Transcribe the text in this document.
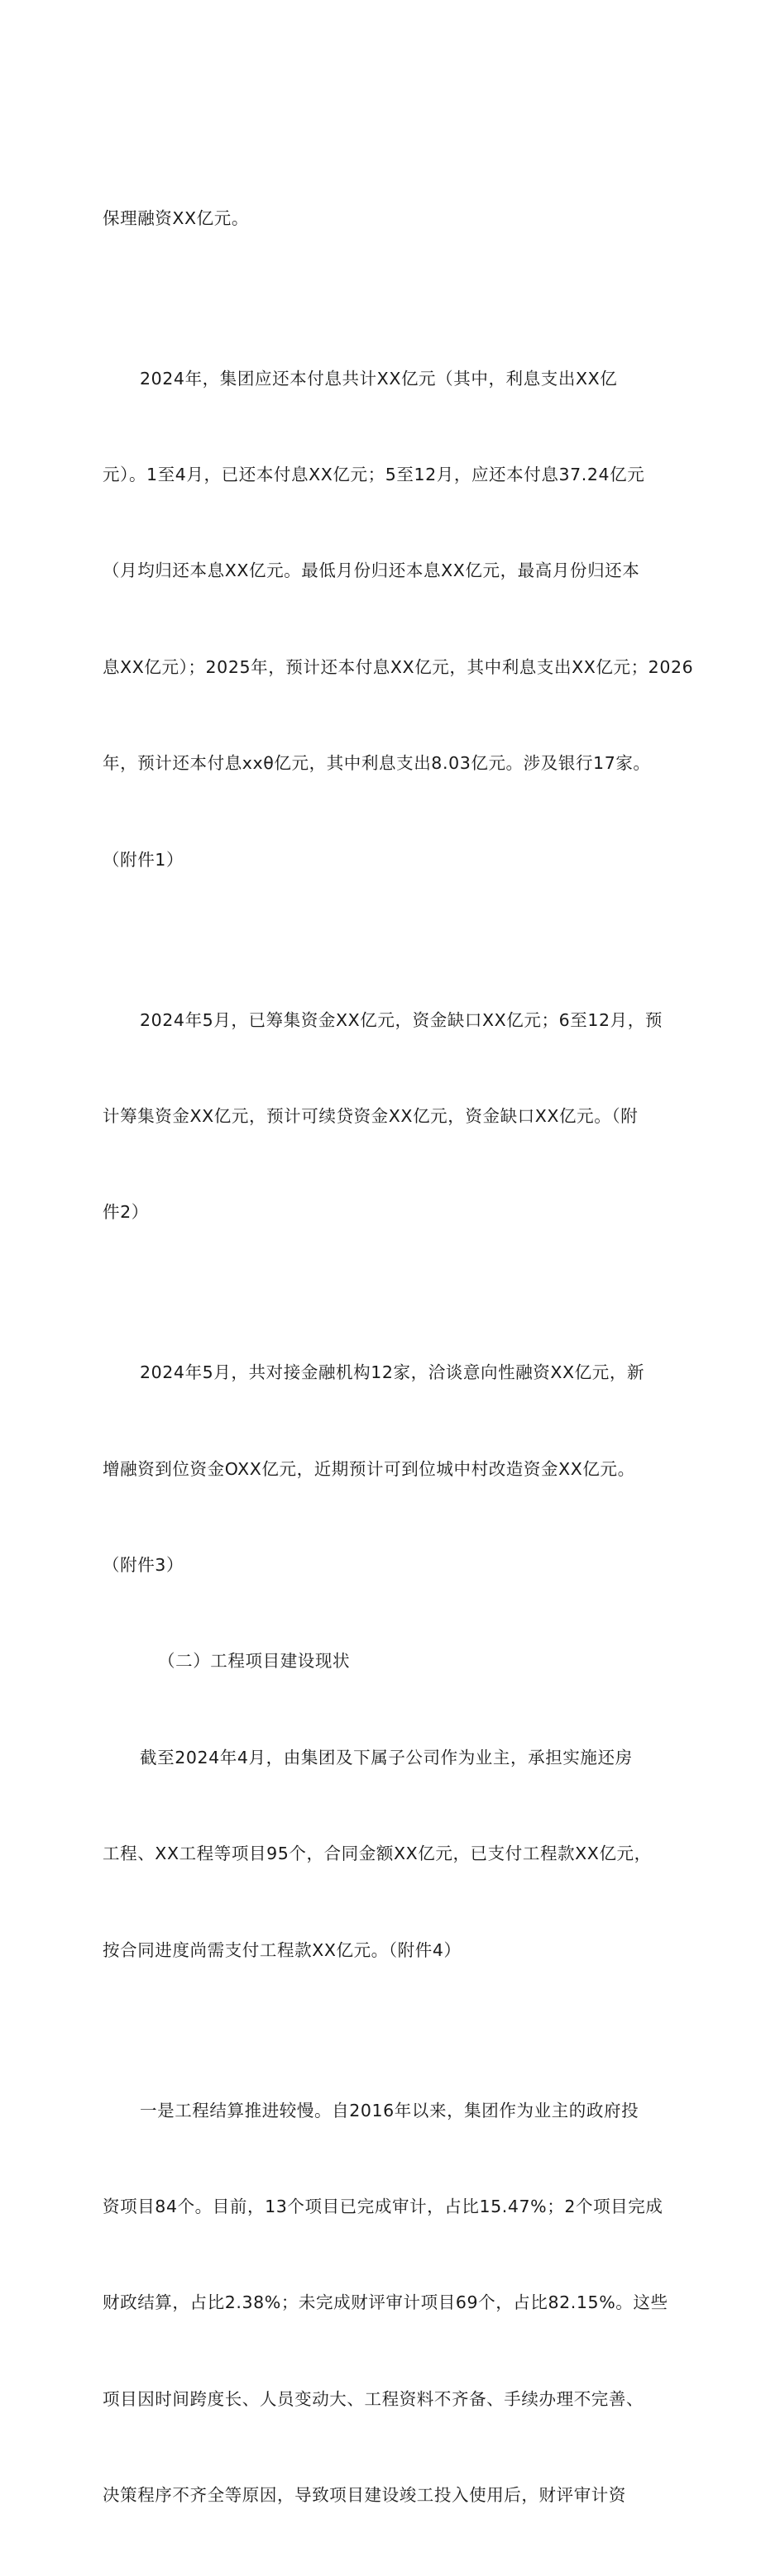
保理融资XX亿元。

2024年，集团应还本付息共计XX亿元（其中，利息支出XX亿

元）。1至4月，已还本付息XX亿元；5至12月，应还本付息37.24亿元

（月均归还本息XX亿元。最低月份归还本息XX亿元，最高月份归还本

息XX亿元）；2025年，预计还本付息XX亿元，其中利息支出XX亿元；2026

年，预计还本付息xxθ亿元，其中利息支出8.03亿元。涉及银行17家。

（附件1）

2024年5月，已筹集资金XX亿元，资金缺口XX亿元；6至12月，预

计筹集资金XX亿元，预计可续贷资金XX亿元，资金缺口XX亿元。（附

件2）

2024年5月，共对接金融机构12家，洽谈意向性融资XX亿元，新

增融资到位资金OXX亿元，近期预计可到位城中村改造资金XX亿元。

（附件3）

（二）工程项目建设现状

截至2024年4月，由集团及下属子公司作为业主，承担实施还房

工程、XX工程等项目95个，合同金额XX亿元，已支付工程款XX亿元，

按合同进度尚需支付工程款XX亿元。（附件4）

一是工程结算推进较慢。自2016年以来，集团作为业主的政府投

资项目84个。目前，13个项目已完成审计，占比15.47%；2个项目完成

财政结算，占比2.38%；未完成财评审计项目69个，占比82.15%。这些

项目因时间跨度长、人员变动大、工程资料不齐备、手续办理不完善、

决策程序不齐全等原因，导致项目建设竣工投入使用后，财评审计资
